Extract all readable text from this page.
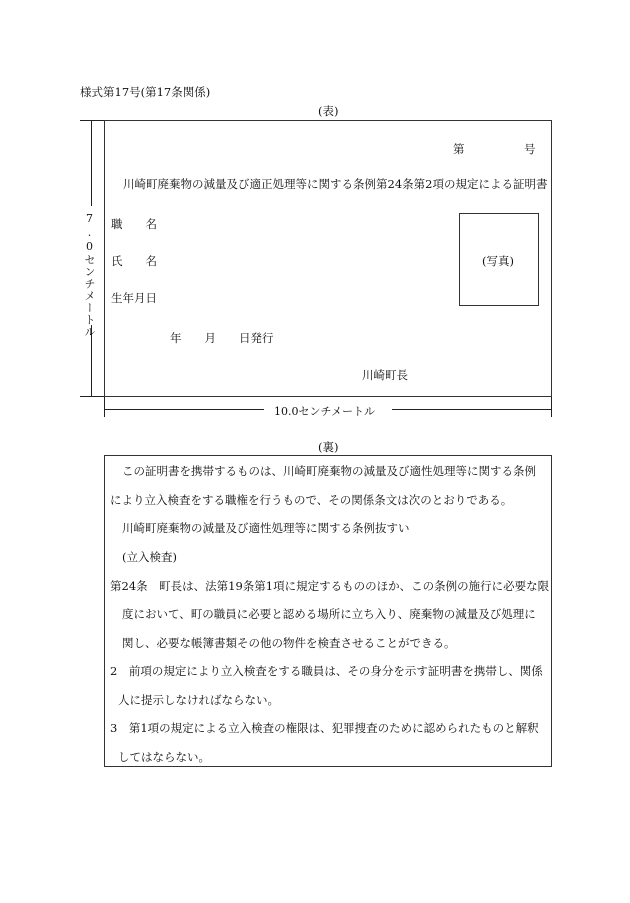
様式第17号(第17条関係)
(表)
7.0センチメートル
第	号
川崎町廃棄物の減量及び適正処理等に関する条例第24条第2項の規定による証明書
職　　名
氏　　名
生年月日
(写真)
年　　月　　日発行
川崎町長
10.0センチメートル
(裏)
この証明書を携帯するものは、川崎町廃棄物の減量及び適性処理等に関する条例
により立入検査をする職権を行うもので、その関係条文は次のとおりである。
川崎町廃棄物の減量及び適性処理等に関する条例抜すい
(立入検査)
第24条　町長は、法第19条第1項に規定するもののほか、この条例の施行に必要な限
度において、町の職員に必要と認める場所に立ち入り、廃棄物の減量及び処理に
関し、必要な帳簿書類その他の物件を検査させることができる。
2　前項の規定により立入検査をする職員は、その身分を示す証明書を携帯し、関係
人に提示しなければならない。
3　第1項の規定による立入検査の権限は、犯罪捜査のために認められたものと解釈
してはならない。
